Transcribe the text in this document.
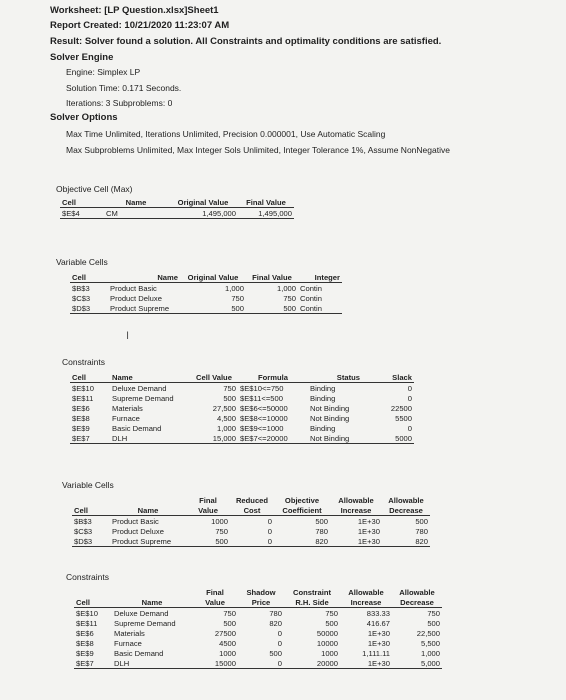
Worksheet: [LP Question.xlsx]Sheet1
Report Created: 10/21/2020 11:23:07 AM
Result: Solver found a solution. All Constraints and optimality conditions are satisfied.
Solver Engine
Engine: Simplex LP
Solution Time: 0.171 Seconds.
Iterations: 3 Subproblems: 0
Solver Options
Max Time Unlimited, Iterations Unlimited, Precision 0.000001, Use Automatic Scaling
Max Subproblems Unlimited, Max Integer Sols Unlimited, Integer Tolerance 1%, Assume NonNegative
Objective Cell (Max)
Cell	Name	Original Value	Final Value
$E$4	CM	1,495,000	1,495,000
Variable Cells
Cell	Name	Original Value	Final Value	Integer
$B$3	Product Basic	1,000	1,000	Contin
$C$3	Product Deluxe	750	750	Contin
$D$3	Product Supreme	500	500	Contin
I
Constraints
Cell	Name	Cell Value	Formula	Status	Slack
$E$10	Deluxe Demand	750	$E$10<=750	Binding	0
$E$11	Supreme Demand	500	$E$11<=500	Binding	0
$E$6	Materials	27,500	$E$6<=50000	Not Binding	22500
$E$8	Furnace	4,500	$E$8<=10000	Not Binding	5500
$E$9	Basic Demand	1,000	$E$9<=1000	Binding	0
$E$7	DLH	15,000	$E$7<=20000	Not Binding	5000
Variable Cells
		Final	Reduced	Objective	Allowable	Allowable
Cell	Name	Value	Cost	Coefficient	Increase	Decrease
$B$3	Product Basic	1000	0	500	1E+30	500
$C$3	Product Deluxe	750	0	780	1E+30	780
$D$3	Product Supreme	500	0	820	1E+30	820
Constraints
		Final	Shadow	Constraint	Allowable	Allowable
Cell	Name	Value	Price	R.H. Side	Increase	Decrease
$E$10	Deluxe Demand	750	780	750	833.33	750
$E$11	Supreme Demand	500	820	500	416.67	500
$E$6	Materials	27500	0	50000	1E+30	22,500
$E$8	Furnace	4500	0	10000	1E+30	5,500
$E$9	Basic Demand	1000	500	1000	1,111.11	1,000
$E$7	DLH	15000	0	20000	1E+30	5,000
